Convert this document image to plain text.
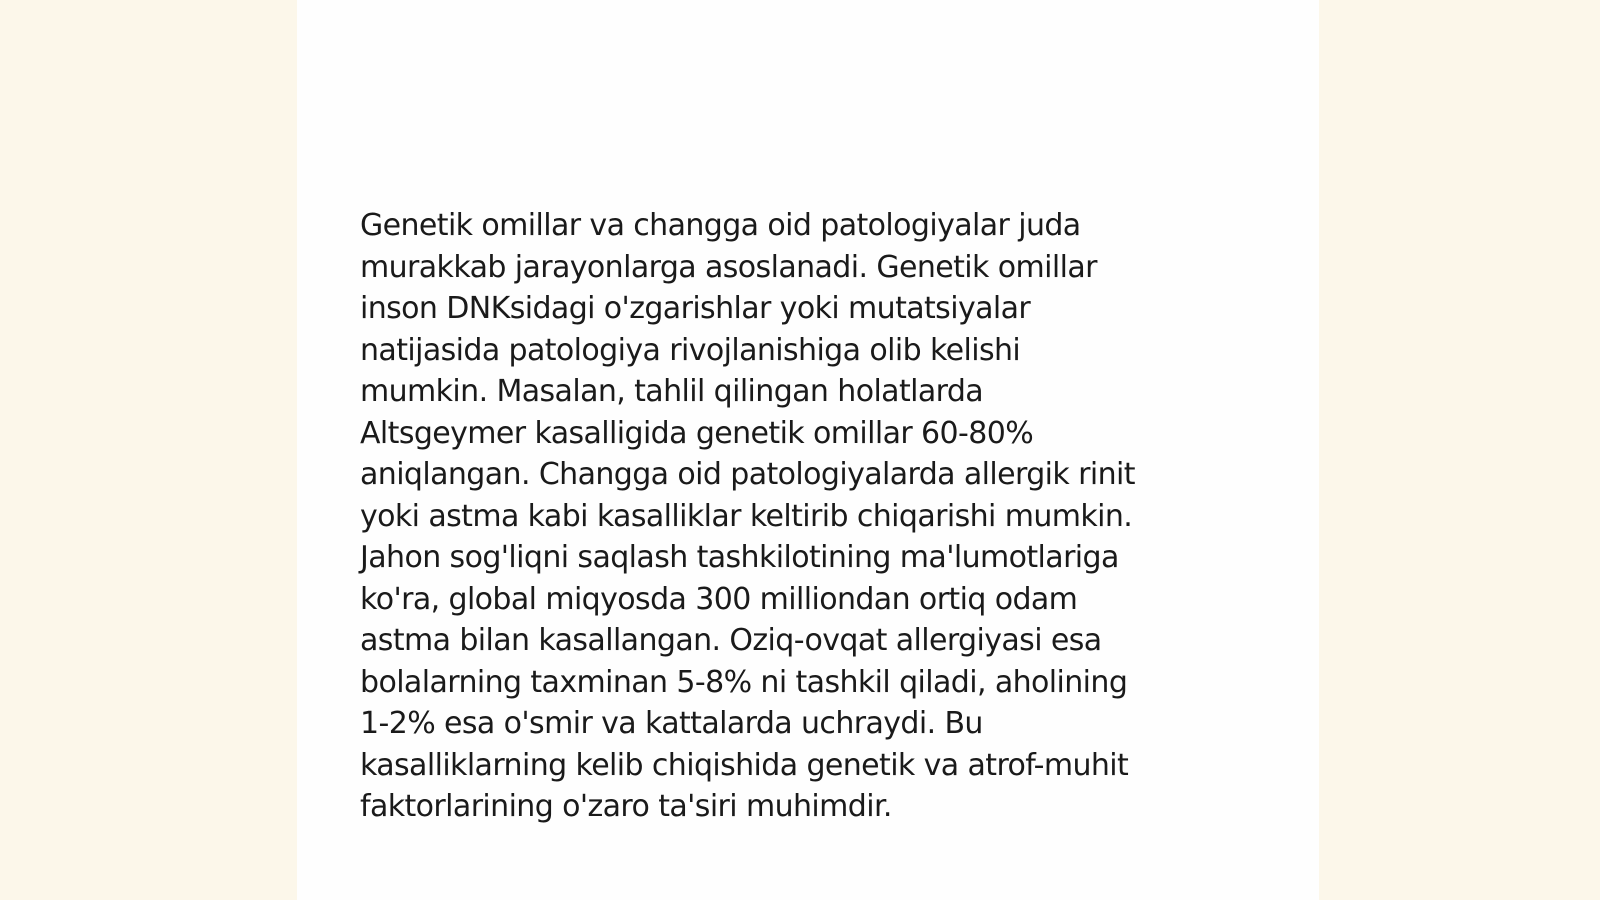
Genetik omillar va changga oid patologiyalar juda
murakkab jarayonlarga asoslanadi. Genetik omillar
inson DNKsidagi o'zgarishlar yoki mutatsiyalar
natijasida patologiya rivojlanishiga olib kelishi
mumkin. Masalan, tahlil qilingan holatlarda
Altsgeymer kasalligida genetik omillar 60-80%
aniqlangan. Changga oid patologiyalarda allergik rinit
yoki astma kabi kasalliklar keltirib chiqarishi mumkin.
Jahon sog'liqni saqlash tashkilotining ma'lumotlariga
ko'ra, global miqyosda 300 milliondan ortiq odam
astma bilan kasallangan. Oziq-ovqat allergiyasi esa
bolalarning taxminan 5-8% ni tashkil qiladi, aholining
1-2% esa o'smir va kattalarda uchraydi. Bu
kasalliklarning kelib chiqishida genetik va atrof-muhit
faktorlarining o'zaro ta'siri muhimdir.
